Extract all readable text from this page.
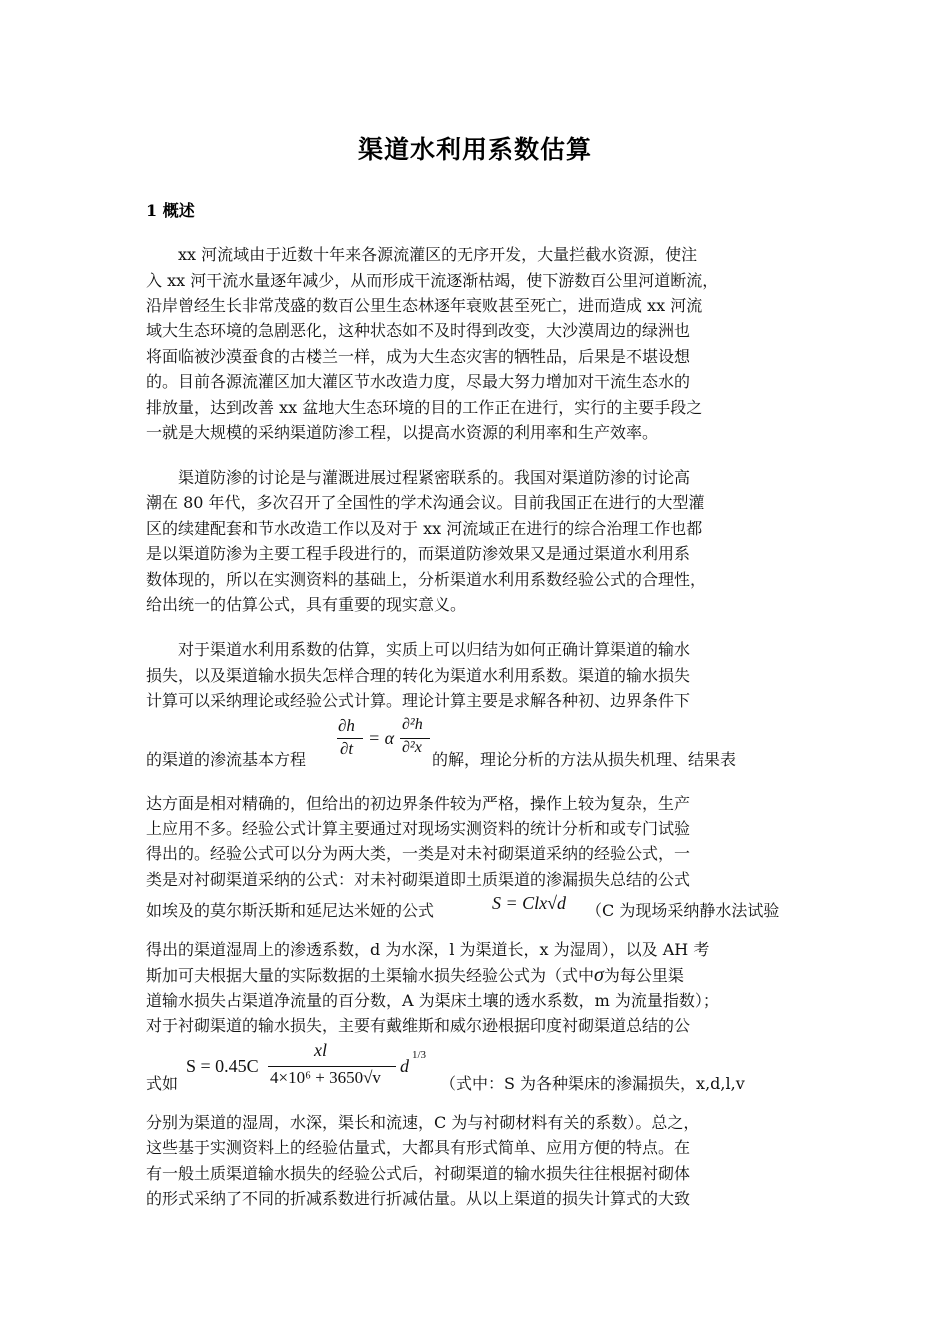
渠道水利用系数估算
1 概述
xx 河流域由于近数十年来各源流灌区的无序开发，大量拦截水资源，使注
入 xx 河干流水量逐年减少，从而形成干流逐渐枯竭，使下游数百公里河道断流，
沿岸曾经生长非常茂盛的数百公里生态林逐年衰败甚至死亡，进而造成 xx 河流
域大生态环境的急剧恶化，这种状态如不及时得到改变，大沙漠周边的绿洲也
将面临被沙漠蚕食的古楼兰一样，成为大生态灾害的牺牲品，后果是不堪设想
的。目前各源流灌区加大灌区节水改造力度，尽最大努力增加对干流生态水的
排放量，达到改善 xx 盆地大生态环境的目的工作正在进行，实行的主要手段之
一就是大规模的采纳渠道防渗工程，以提高水资源的利用率和生产效率。
渠道防渗的讨论是与灌溉进展过程紧密联系的。我国对渠道防渗的讨论高
潮在 80 年代，多次召开了全国性的学术沟通会议。目前我国正在进行的大型灌
区的续建配套和节水改造工作以及对于 xx 河流域正在进行的综合治理工作也都
是以渠道防渗为主要工程手段进行的，而渠道防渗效果又是通过渠道水利用系
数体现的，所以在实测资料的基础上，分析渠道水利用系数经验公式的合理性，
给出统一的估算公式，具有重要的现实意义。
对于渠道水利用系数的估算，实质上可以归结为如何正确计算渠道的输水
损失，以及渠道输水损失怎样合理的转化为渠道水利用系数。渠道的输水损失
计算可以采纳理论或经验公式计算。理论计算主要是求解各种初、边界条件下
的渠道的渗流基本方程
∂h
∂t
= α
∂²h
∂²x
的解，理论分析的方法从损失机理、结果表
达方面是相对精确的，但给出的初边界条件较为严格，操作上较为复杂，生产
上应用不多。经验公式计算主要通过对现场实测资料的统计分析和或专门试验
得出的。经验公式可以分为两大类，一类是对未衬砌渠道采纳的经验公式，一
类是对衬砌渠道采纳的公式：对未衬砌渠道即土质渠道的渗漏损失总结的公式
如埃及的莫尔斯沃斯和延尼达米娅的公式	S = Clx√d （C 为现场采纳静水法试验
得出的渠道湿周上的渗透系数，d 为水深，l 为渠道长，x 为湿周），以及 AH 考
斯加可夫根据大量的实际数据的土渠输水损失经验公式为（式中σ为每公里渠
道输水损失占渠道净流量的百分数，A 为渠床土壤的透水系数，m 为流量指数）；
对于衬砌渠道的输水损失，主要有戴维斯和威尔逊根据印度衬砌渠道总结的公
式如
S = 0.45C
xl
4×10⁶ + 3650√v
d
1/3
（式中：S 为各种渠床的渗漏损失，x,d,l,v
分别为渠道的湿周，水深，渠长和流速，C 为与衬砌材料有关的系数）。总之，
这些基于实测资料上的经验估量式，大都具有形式简单、应用方便的特点。在
有一般土质渠道输水损失的经验公式后，衬砌渠道的输水损失往往根据衬砌体
的形式采纳了不同的折减系数进行折减估量。从以上渠道的损失计算式的大致
